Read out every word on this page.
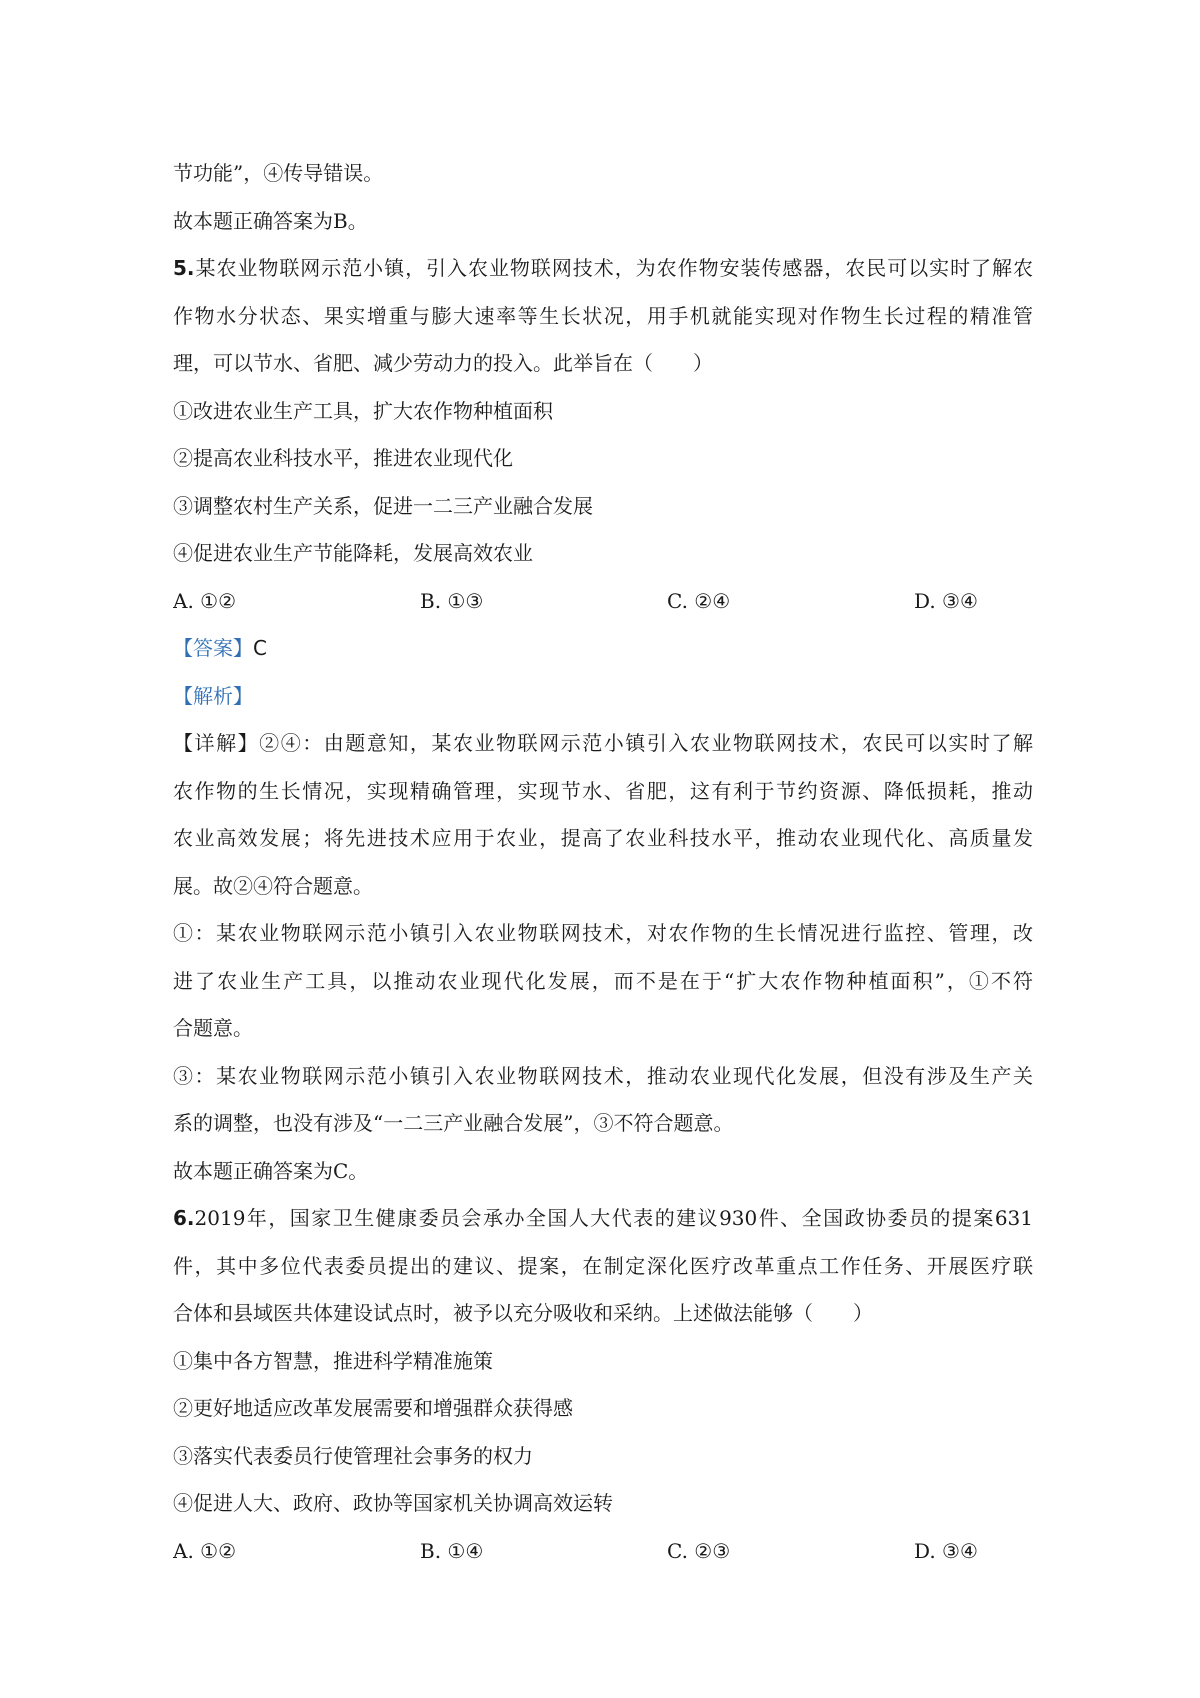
节功能”，④传导错误。
故本题正确答案为B。
5.某农业物联网示范小镇，引入农业物联网技术，为农作物安装传感器，农民可以实时了解农
作物水分状态、果实增重与膨大速率等生长状况，用手机就能实现对作物生长过程的精准管
理，可以节水、省肥、减少劳动力的投入。此举旨在（　　）
①改进农业生产工具，扩大农作物种植面积
②提高农业科技水平，推进农业现代化
③调整农村生产关系，促进一二三产业融合发展
④促进农业生产节能降耗，发展高效农业
A. ①②	B. ①③	C. ②④	D. ③④
【答案】C
【解析】
【详解】②④：由题意知，某农业物联网示范小镇引入农业物联网技术，农民可以实时了解
农作物的生长情况，实现精确管理，实现节水、省肥，这有利于节约资源、降低损耗，推动
农业高效发展；将先进技术应用于农业，提高了农业科技水平，推动农业现代化、高质量发
展。故②④符合题意。
①：某农业物联网示范小镇引入农业物联网技术，对农作物的生长情况进行监控、管理，改
进了农业生产工具，以推动农业现代化发展，而不是在于“扩大农作物种植面积”，①不符
合题意。
③：某农业物联网示范小镇引入农业物联网技术，推动农业现代化发展，但没有涉及生产关
系的调整，也没有涉及“一二三产业融合发展”，③不符合题意。
故本题正确答案为C。
6.2019年，国家卫生健康委员会承办全国人大代表的建议930件、全国政协委员的提案631
件，其中多位代表委员提出的建议、提案，在制定深化医疗改革重点工作任务、开展医疗联
合体和县域医共体建设试点时，被予以充分吸收和采纳。上述做法能够（　　）
①集中各方智慧，推进科学精准施策
②更好地适应改革发展需要和增强群众获得感
③落实代表委员行使管理社会事务的权力
④促进人大、政府、政协等国家机关协调高效运转
A. ①②	B. ①④	C. ②③	D. ③④
